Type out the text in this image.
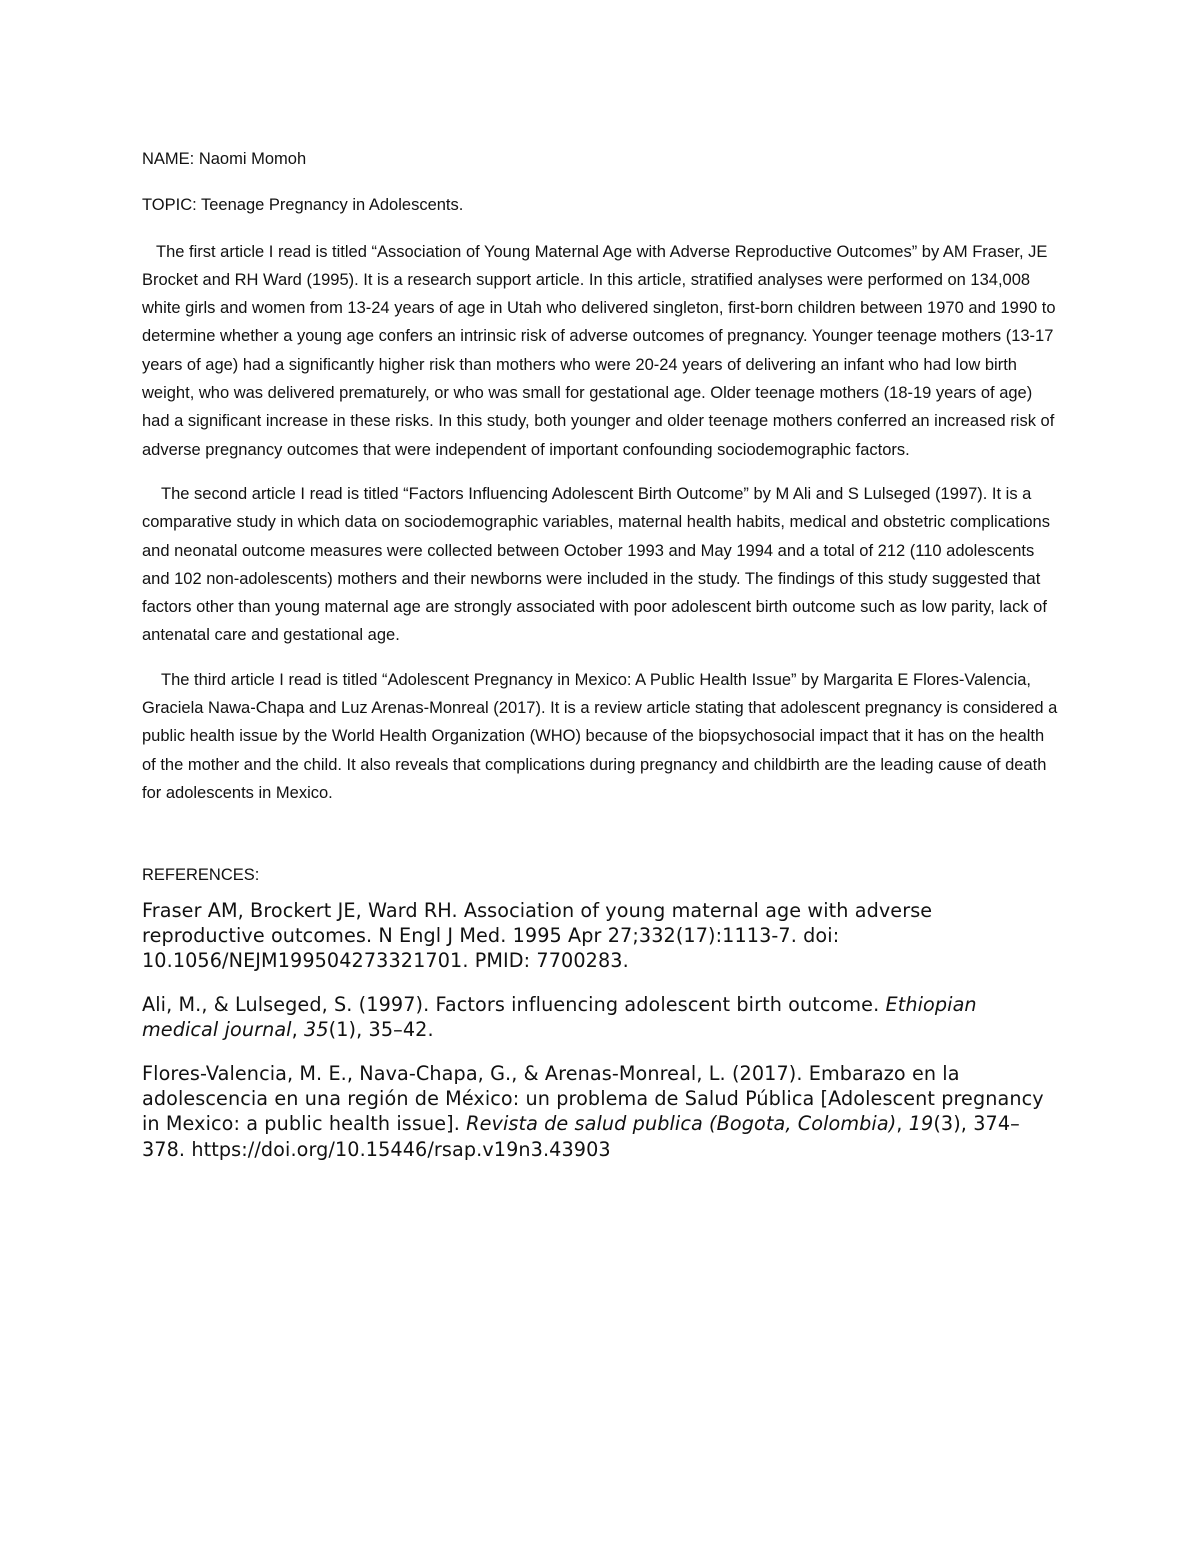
NAME: Naomi Momoh

TOPIC: Teenage Pregnancy in Adolescents.

The first article I read is titled “Association of Young Maternal Age with Adverse Reproductive Outcomes” by AM Fraser, JE Brocket and RH Ward (1995). It is a research support article. In this article, stratified analyses were performed on 134,008 white girls and women from 13-24 years of age in Utah who delivered singleton, first-born children between 1970 and 1990 to determine whether a young age confers an intrinsic risk of adverse outcomes of pregnancy. Younger teenage mothers (13-17 years of age) had a significantly higher risk than mothers who were 20-24 years of delivering an infant who had low birth weight, who was delivered prematurely, or who was small for gestational age. Older teenage mothers (18-19 years of age) had a significant increase in these risks. In this study, both younger and older teenage mothers conferred an increased risk of adverse pregnancy outcomes that were independent of important confounding sociodemographic factors.

The second article I read is titled “Factors Influencing Adolescent Birth Outcome” by M Ali and S Lulseged (1997). It is a comparative study in which data on sociodemographic variables, maternal health habits, medical and obstetric complications and neonatal outcome measures were collected between October 1993 and May 1994 and a total of 212 (110 adolescents and 102 non-adolescents) mothers and their newborns were included in the study. The findings of this study suggested that factors other than young maternal age are strongly associated with poor adolescent birth outcome such as low parity, lack of antenatal care and gestational age.

The third article I read is titled “Adolescent Pregnancy in Mexico: A Public Health Issue” by Margarita E Flores-Valencia, Graciela Nawa-Chapa and Luz Arenas-Monreal (2017). It is a review article stating that adolescent pregnancy is considered a public health issue by the World Health Organization (WHO) because of the biopsychosocial impact that it has on the health of the mother and the child. It also reveals that complications during pregnancy and childbirth are the leading cause of death for adolescents in Mexico.

REFERENCES:

Fraser AM, Brockert JE, Ward RH. Association of young maternal age with adverse reproductive outcomes. N Engl J Med. 1995 Apr 27;332(17):1113-7. doi: 10.1056/NEJM199504273321701. PMID: 7700283.

Ali, M., & Lulseged, S. (1997). Factors influencing adolescent birth outcome. Ethiopian medical journal, 35(1), 35–42.

Flores-Valencia, M. E., Nava-Chapa, G., & Arenas-Monreal, L. (2017). Embarazo en la adolescencia en una región de México: un problema de Salud Pública [Adolescent pregnancy in Mexico: a public health issue]. Revista de salud publica (Bogota, Colombia), 19(3), 374–378. https://doi.org/10.15446/rsap.v19n3.43903
